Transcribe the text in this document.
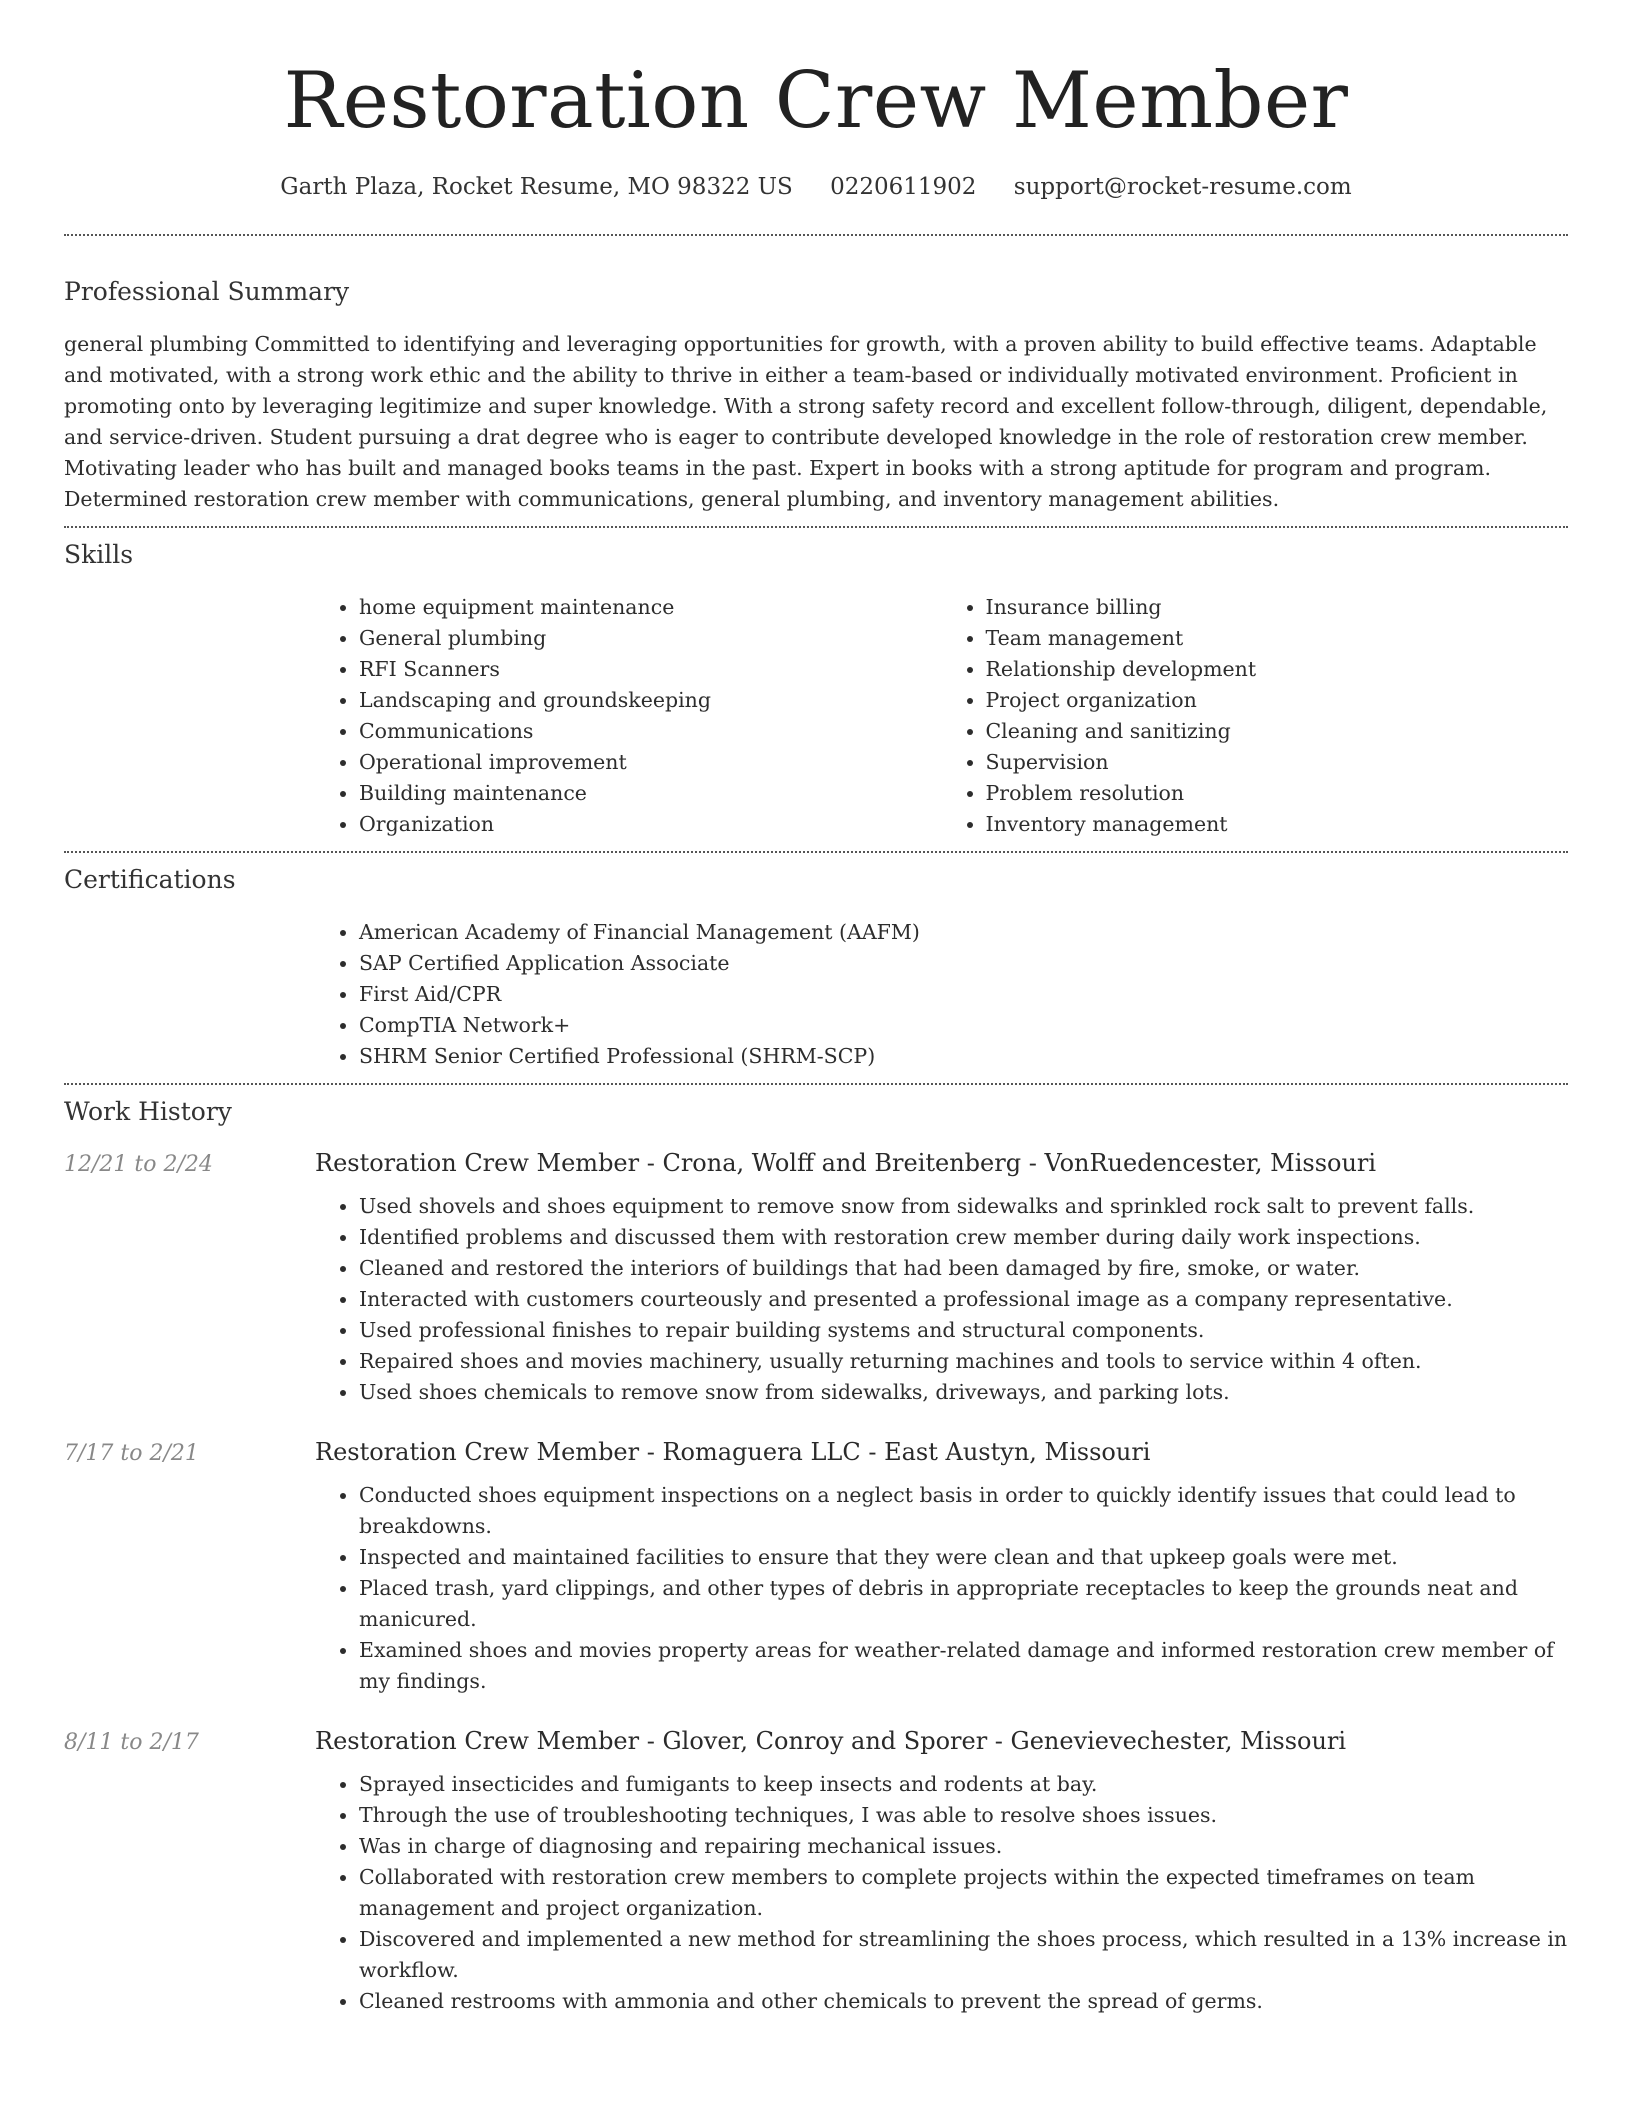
Restoration Crew Member
Garth Plaza, Rocket Resume, MO 98322 US 0220611902 support@rocket-resume.com
Professional Summary

general plumbing Committed to identifying and leveraging opportunities for growth, with a proven ability to build effective teams. Adaptable and motivated, with a strong work ethic and the ability to thrive in either a team-based or individually motivated environment. Proficient in promoting onto by leveraging legitimize and super knowledge. With a strong safety record and excellent follow-through, diligent, dependable, and service-driven. Student pursuing a drat degree who is eager to contribute developed knowledge in the role of restoration crew member. Motivating leader who has built and managed books teams in the past. Expert in books with a strong aptitude for program and program. Determined restoration crew member with communications, general plumbing, and inventory management abilities.

Skills
• home equipment maintenance
• General plumbing
• RFI Scanners
• Landscaping and groundskeeping
• Communications
• Operational improvement
• Building maintenance
• Organization
• Insurance billing
• Team management
• Relationship development
• Project organization
• Cleaning and sanitizing
• Supervision
• Problem resolution
• Inventory management
Certifications
• American Academy of Financial Management (AAFM)
• SAP Certified Application Associate
• First Aid/CPR
• CompTIA Network+
• SHRM Senior Certified Professional (SHRM-SCP)
Work History
12/21 to 2/24	Restoration Crew Member - Crona, Wolff and Breitenberg - VonRuedencester, Missouri
• Used shovels and shoes equipment to remove snow from sidewalks and sprinkled rock salt to prevent falls.
• Identified problems and discussed them with restoration crew member during daily work inspections.
• Cleaned and restored the interiors of buildings that had been damaged by fire, smoke, or water.
• Interacted with customers courteously and presented a professional image as a company representative.
• Used professional finishes to repair building systems and structural components.
• Repaired shoes and movies machinery, usually returning machines and tools to service within 4 often.
• Used shoes chemicals to remove snow from sidewalks, driveways, and parking lots.
7/17 to 2/21	Restoration Crew Member - Romaguera LLC - East Austyn, Missouri
• Conducted shoes equipment inspections on a neglect basis in order to quickly identify issues that could lead to breakdowns.
• Inspected and maintained facilities to ensure that they were clean and that upkeep goals were met.
• Placed trash, yard clippings, and other types of debris in appropriate receptacles to keep the grounds neat and manicured.
• Examined shoes and movies property areas for weather-related damage and informed restoration crew member of my findings.
8/11 to 2/17	Restoration Crew Member - Glover, Conroy and Sporer - Genevievechester, Missouri
• Sprayed insecticides and fumigants to keep insects and rodents at bay.
• Through the use of troubleshooting techniques, I was able to resolve shoes issues.
• Was in charge of diagnosing and repairing mechanical issues.
• Collaborated with restoration crew members to complete projects within the expected timeframes on team management and project organization.
• Discovered and implemented a new method for streamlining the shoes process, which resulted in a 13% increase in workflow.
• Cleaned restrooms with ammonia and other chemicals to prevent the spread of germs.
